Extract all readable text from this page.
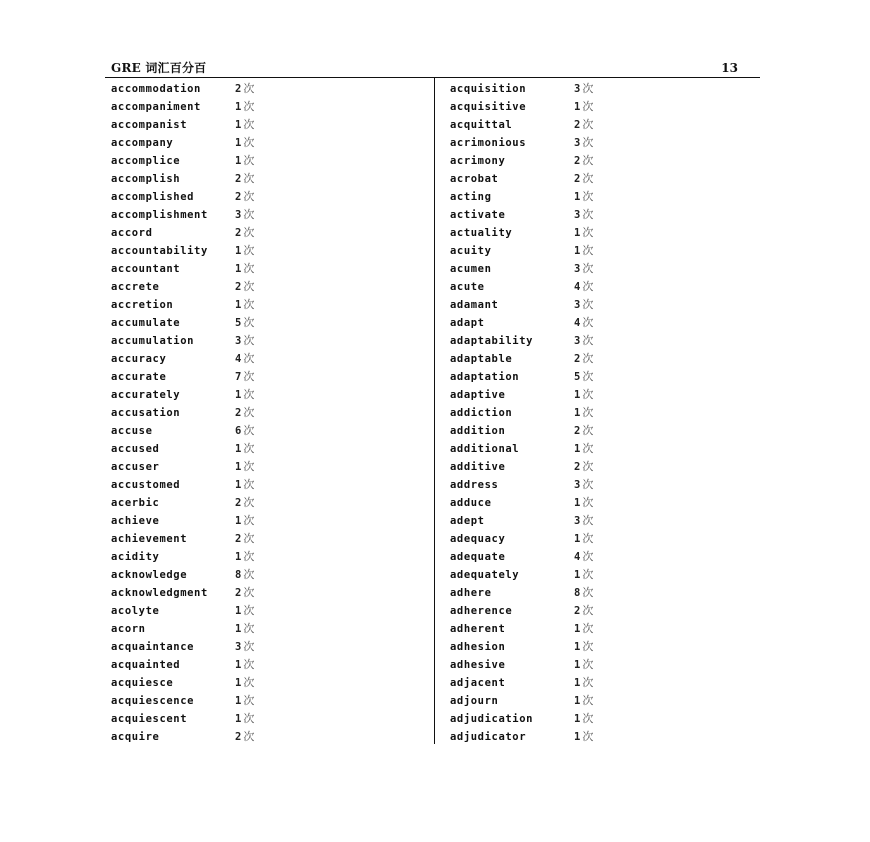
GRE 词汇百分百	13
accommodation	2 次
accompaniment	1 次
accompanist	1 次
accompany	1 次
accomplice	1 次
accomplish	2 次
accomplished	2 次
accomplishment	3 次
accord	2 次
accountability	1 次
accountant	1 次
accrete	2 次
accretion	1 次
accumulate	5 次
accumulation	3 次
accuracy	4 次
accurate	7 次
accurately	1 次
accusation	2 次
accuse	6 次
accused	1 次
accuser	1 次
accustomed	1 次
acerbic	2 次
achieve	1 次
achievement	2 次
acidity	1 次
acknowledge	8 次
acknowledgment	2 次
acolyte	1 次
acorn	1 次
acquaintance	3 次
acquainted	1 次
acquiesce	1 次
acquiescence	1 次
acquiescent	1 次
acquire	2 次
acquisition	3 次
acquisitive	1 次
acquittal	2 次
acrimonious	3 次
acrimony	2 次
acrobat	2 次
acting	1 次
activate	3 次
actuality	1 次
acuity	1 次
acumen	3 次
acute	4 次
adamant	3 次
adapt	4 次
adaptability	3 次
adaptable	2 次
adaptation	5 次
adaptive	1 次
addiction	1 次
addition	2 次
additional	1 次
additive	2 次
address	3 次
adduce	1 次
adept	3 次
adequacy	1 次
adequate	4 次
adequately	1 次
adhere	8 次
adherence	2 次
adherent	1 次
adhesion	1 次
adhesive	1 次
adjacent	1 次
adjourn	1 次
adjudication	1 次
adjudicator	1 次
